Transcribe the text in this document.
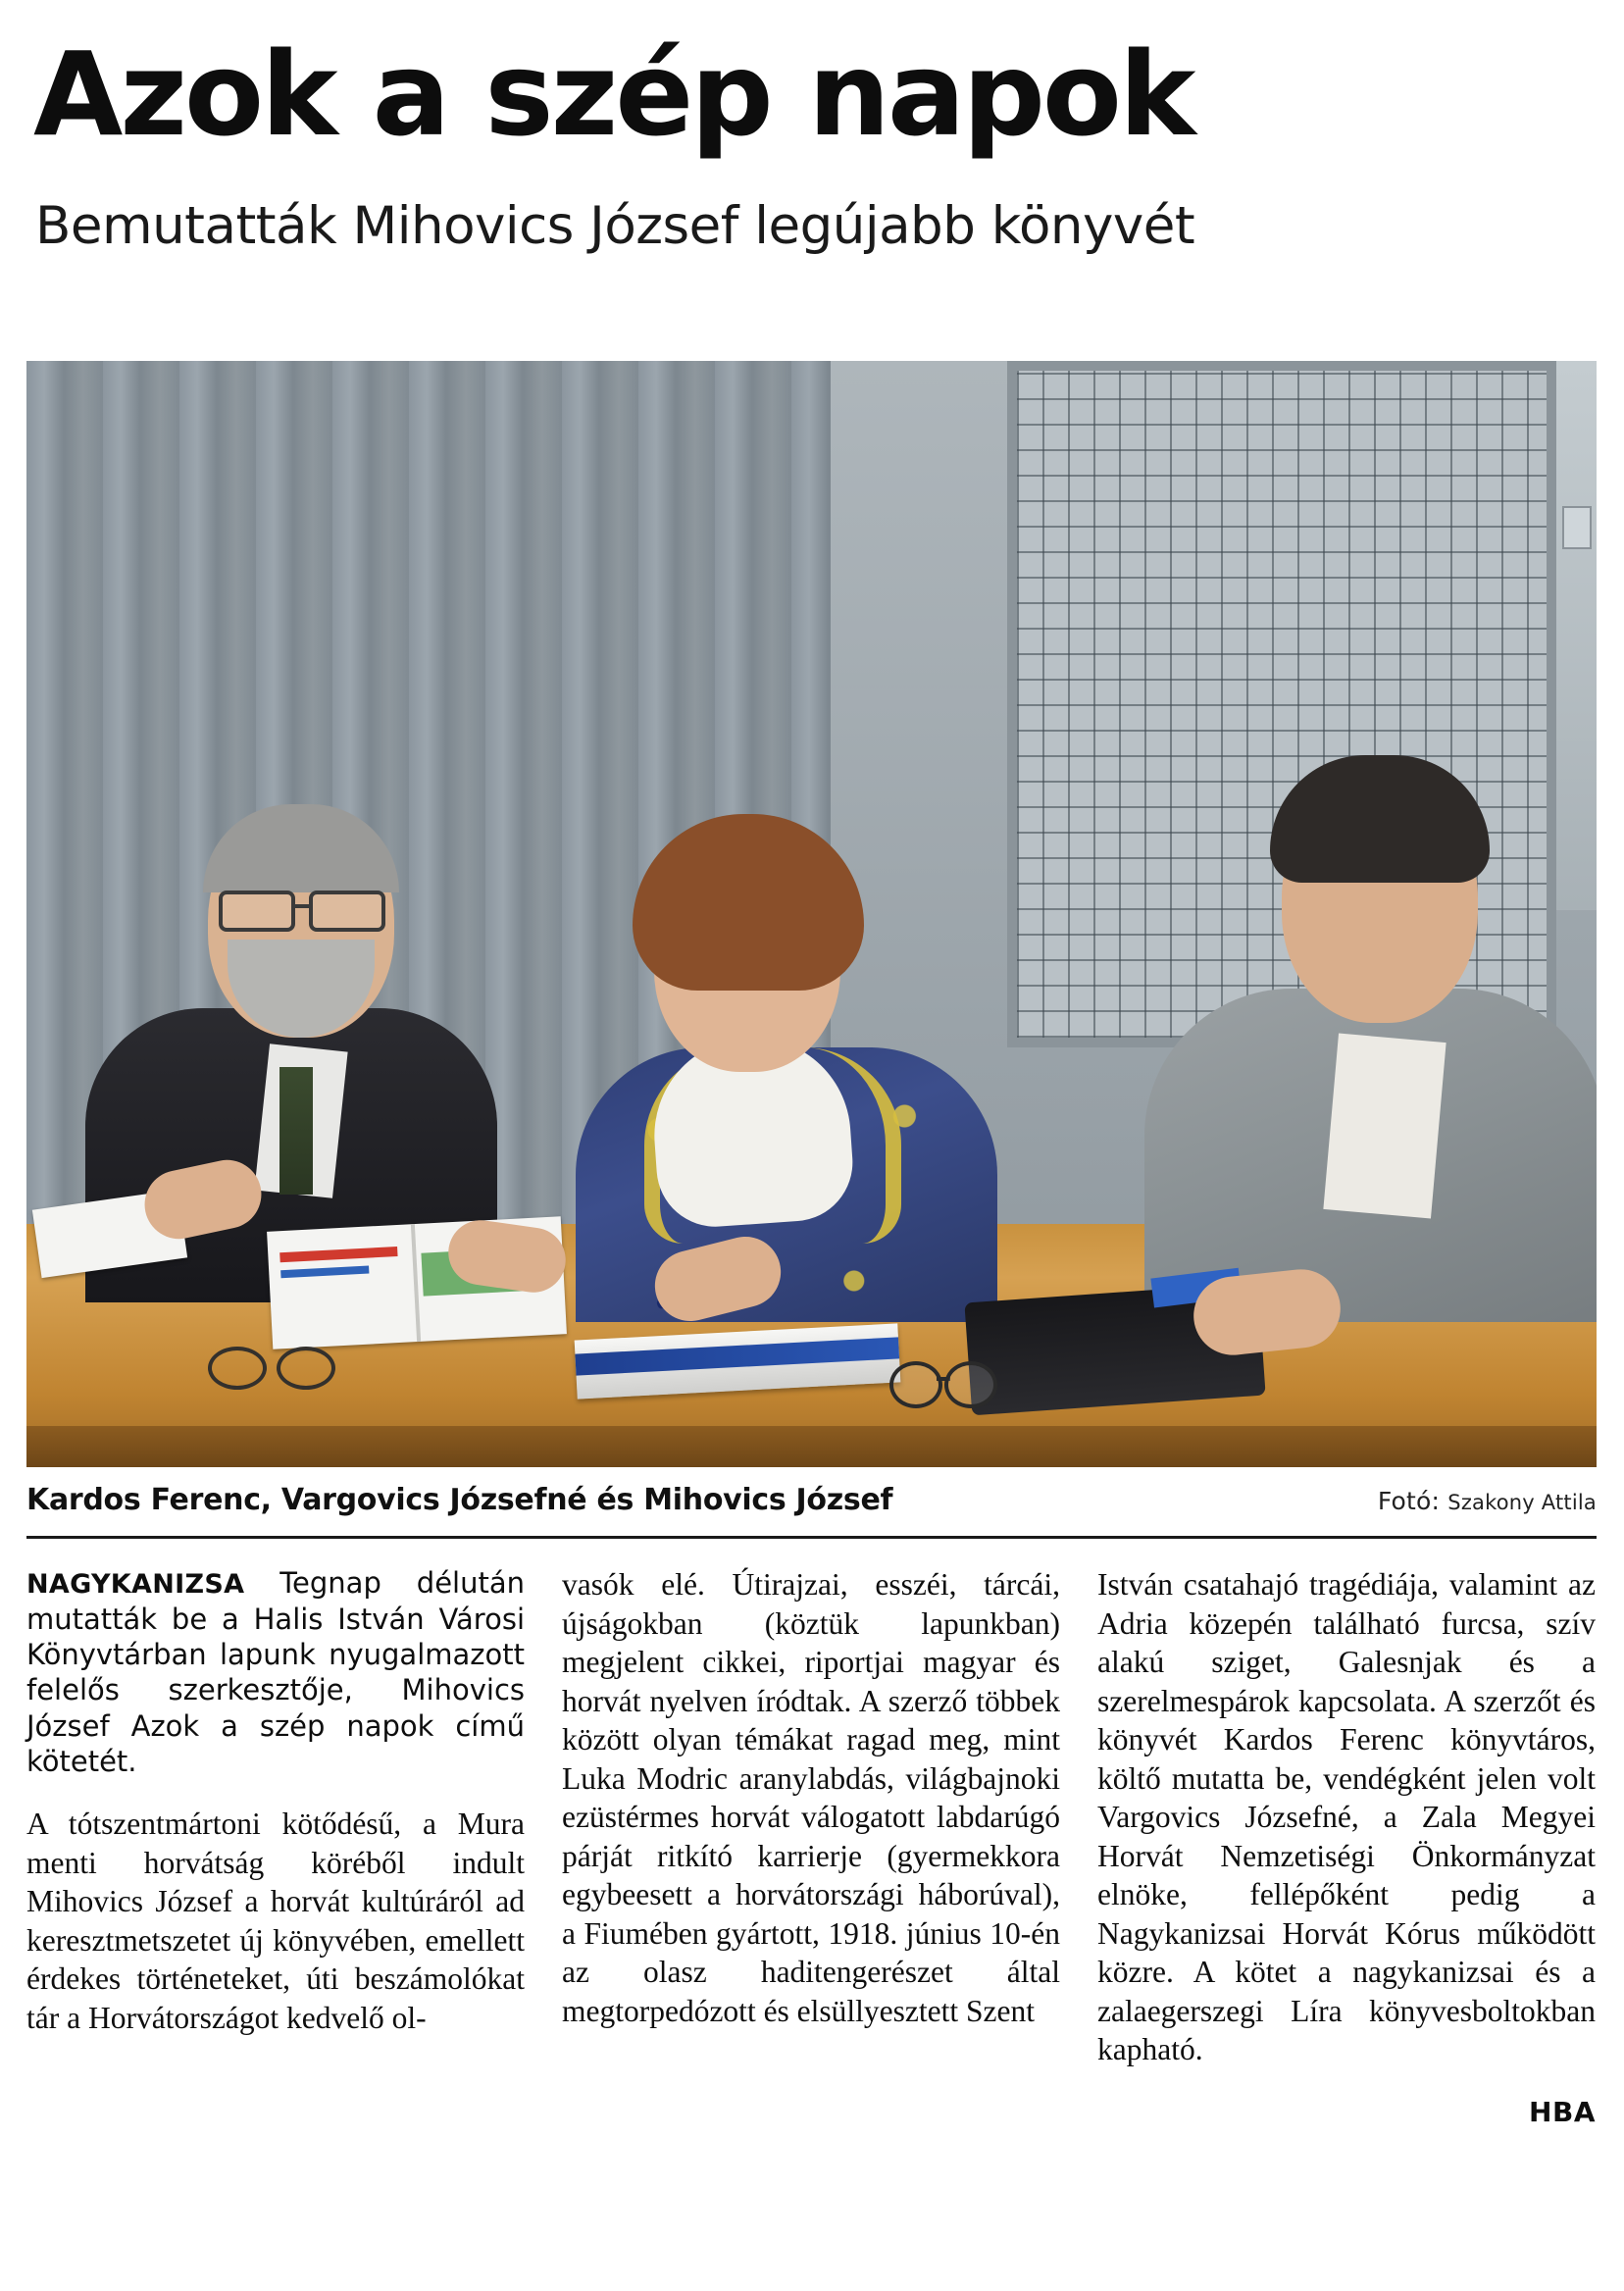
Azok a szép napok
Bemutatták Mihovics József legújabb könyvét
Kardos Ferenc, Vargovics Józsefné és Mihovics József	Fotó: Szakony Attila

NAGYKANIZSA Tegnap délután mutatták be a Halis István Városi Könyvtárban lapunk nyugalmazott felelős szerkesztője, Mihovics József Azok a szép napok című kötetét.

A tótszentmártoni kötődésű, a Mura menti horvátság köréből indult Mihovics József a horvát kultúráról ad keresztmetszetet új könyvében, emellett érdekes történeteket, úti beszámolókat tár a Horvátországot kedvelő ol-

vasók elé. Útirajzai, esszéi, tárcái, újságokban (köztük lapunkban) megjelent cikkei, riportjai magyar és horvát nyelven íródtak. A szerző többek között olyan témákat ragad meg, mint Luka Modric aranylabdás, világbajnoki ezüstérmes horvát válogatott labdarúgó párját ritkító karrierje (gyermekkora egybeesett a horvátországi háborúval), a Fiumében gyártott, 1918. június 10-én az olasz haditengerészet által megtorpedózott és elsüllyesztett Szent

István csatahajó tragédiája, valamint az Adria közepén található furcsa, szív alakú sziget, Galesnjak és a szerelmespárok kapcsolata. A szerzőt és könyvét Kardos Ferenc könyvtáros, költő mutatta be, vendégként jelen volt Vargovics Józsefné, a Zala Megyei Horvát Nemzetiségi Önkormányzat elnöke, fellépőként pedig a Nagykanizsai Horvát Kórus működött közre. A kötet a nagykanizsai és a zalaegerszegi Líra könyvesboltokban kapható.

HBA
